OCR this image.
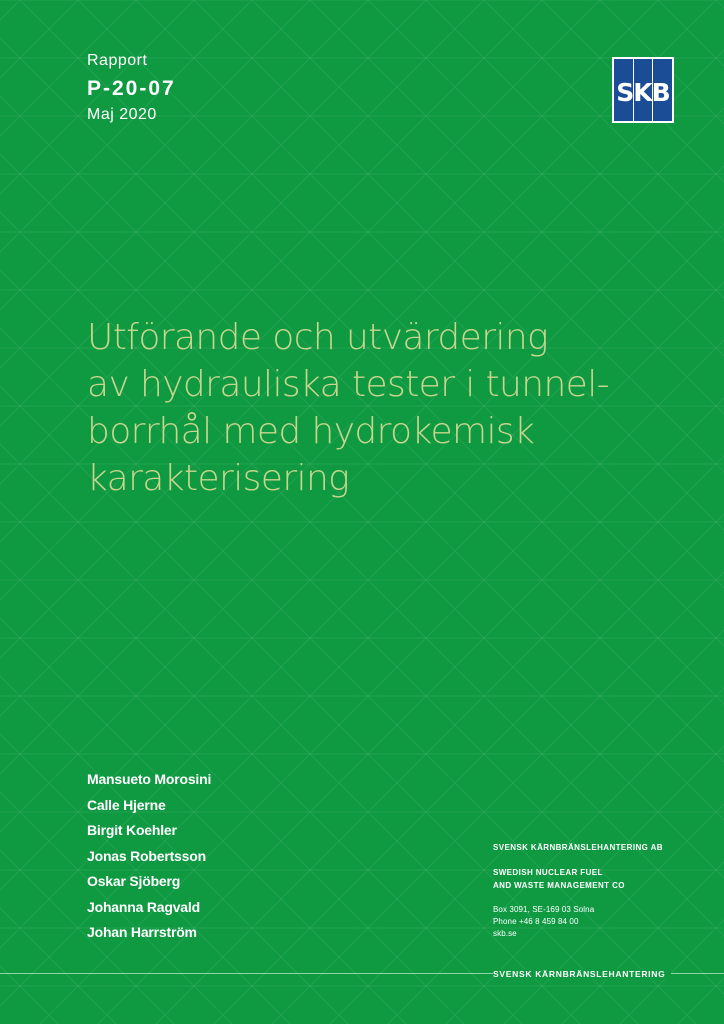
Rapport
P-20-07
Maj 2020
SKB
Utförande och utvärdering
av hydrauliska tester i tunnel-
borrhål med hydrokemisk
karakterisering
Mansueto Morosini
Calle Hjerne
Birgit Koehler
Jonas Robertsson
Oskar Sjöberg
Johanna Ragvald
Johan Harrström
SVENSK KÄRNBRÄNSLEHANTERING AB
SWEDISH NUCLEAR FUEL
AND WASTE MANAGEMENT CO
Box 3091, SE-169 03 Solna
Phone +46 8 459 84 00
skb.se
SVENSK KÄRNBRÄNSLEHANTERING
